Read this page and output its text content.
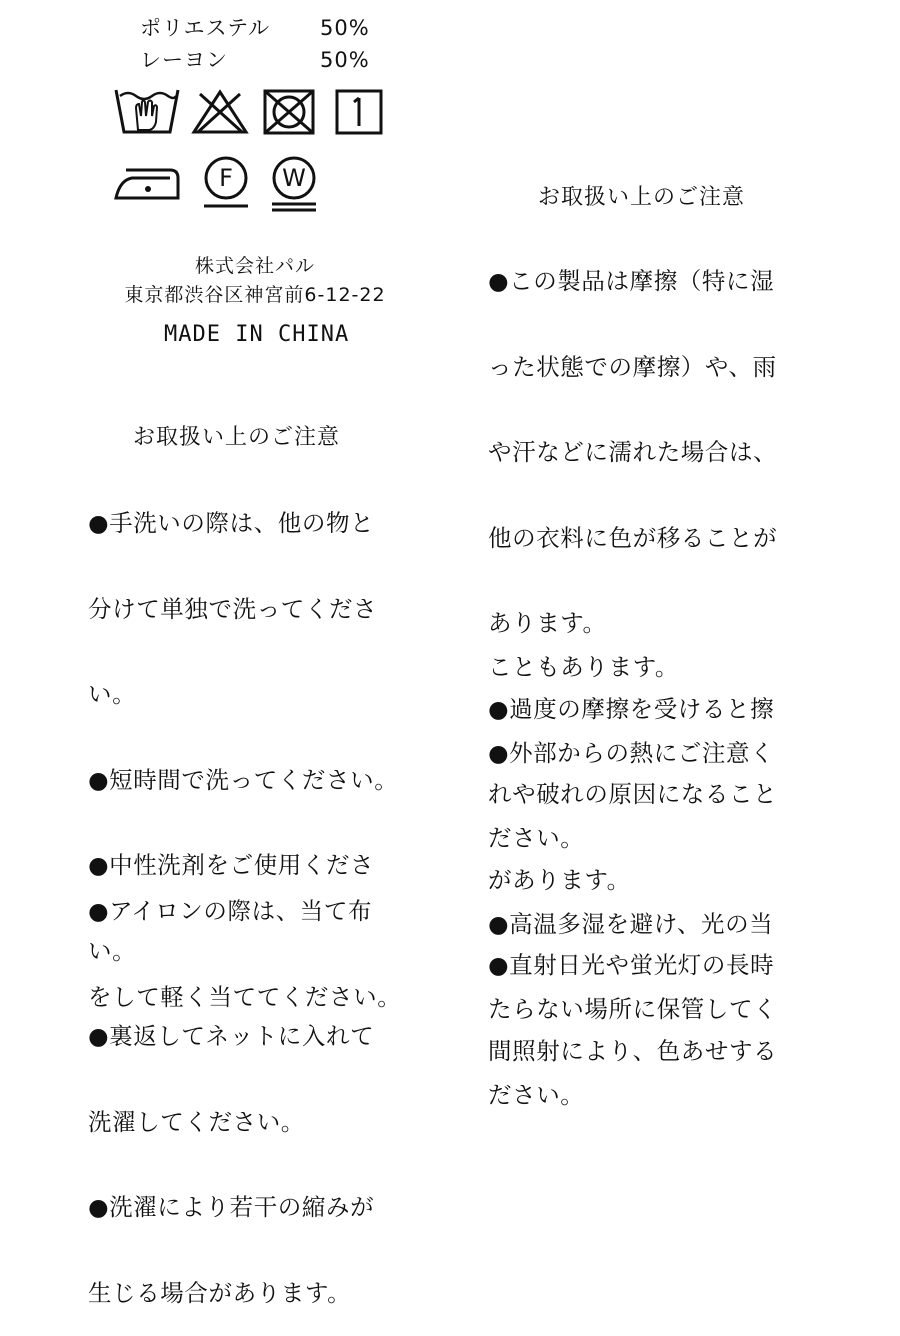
ポリエステル 50%
レーヨン	50%
F	W
株式会社パル
東京都渋谷区神宮前6-12-22
MADE IN CHINA
お取扱い上のご注意

●手洗いの際は、他の物と

分けて単独で洗ってくださ

い。

●短時間で洗ってください。

●中性洗剤をご使用くださ

い。

●裏返してネットに入れて

洗濯してください。

●洗濯により若干の縮みが

生じる場合があります。

●アイロンの際は、当て布

をして軽く当ててください。

お取扱い上のご注意

●この製品は摩擦（特に湿

った状態での摩擦）や、雨

や汗などに濡れた場合は、

他の衣料に色が移ることが

あります。

●過度の摩擦を受けると擦

れや破れの原因になること

があります。

●直射日光や蛍光灯の長時

間照射により、色あせする

こともあります。

●外部からの熱にご注意く

ださい。

●高温多湿を避け、光の当

たらない場所に保管してく

ださい。
